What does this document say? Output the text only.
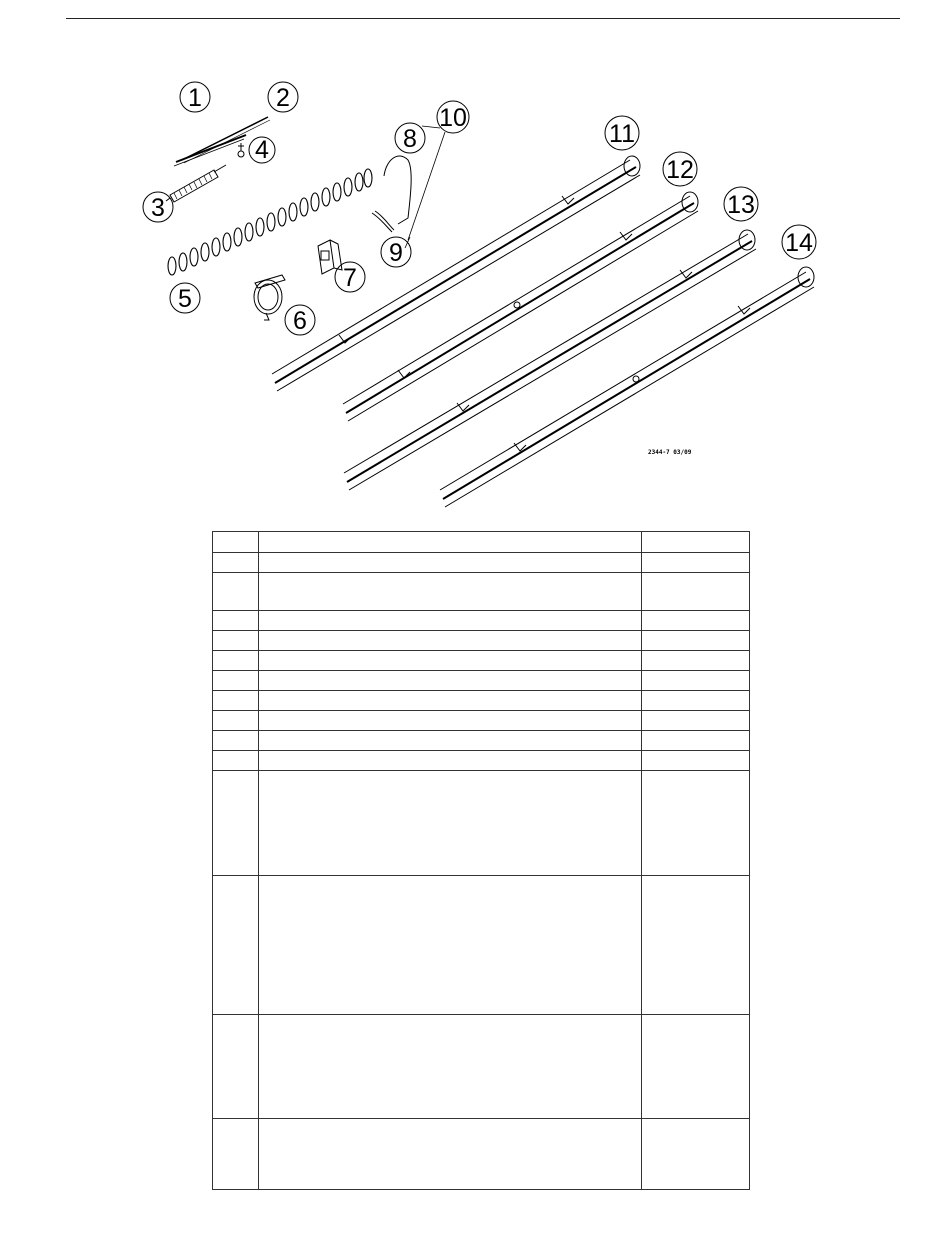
1	2
3
4
5
6
7
8
9
10
11
12
13
14
2344-7 03/09
